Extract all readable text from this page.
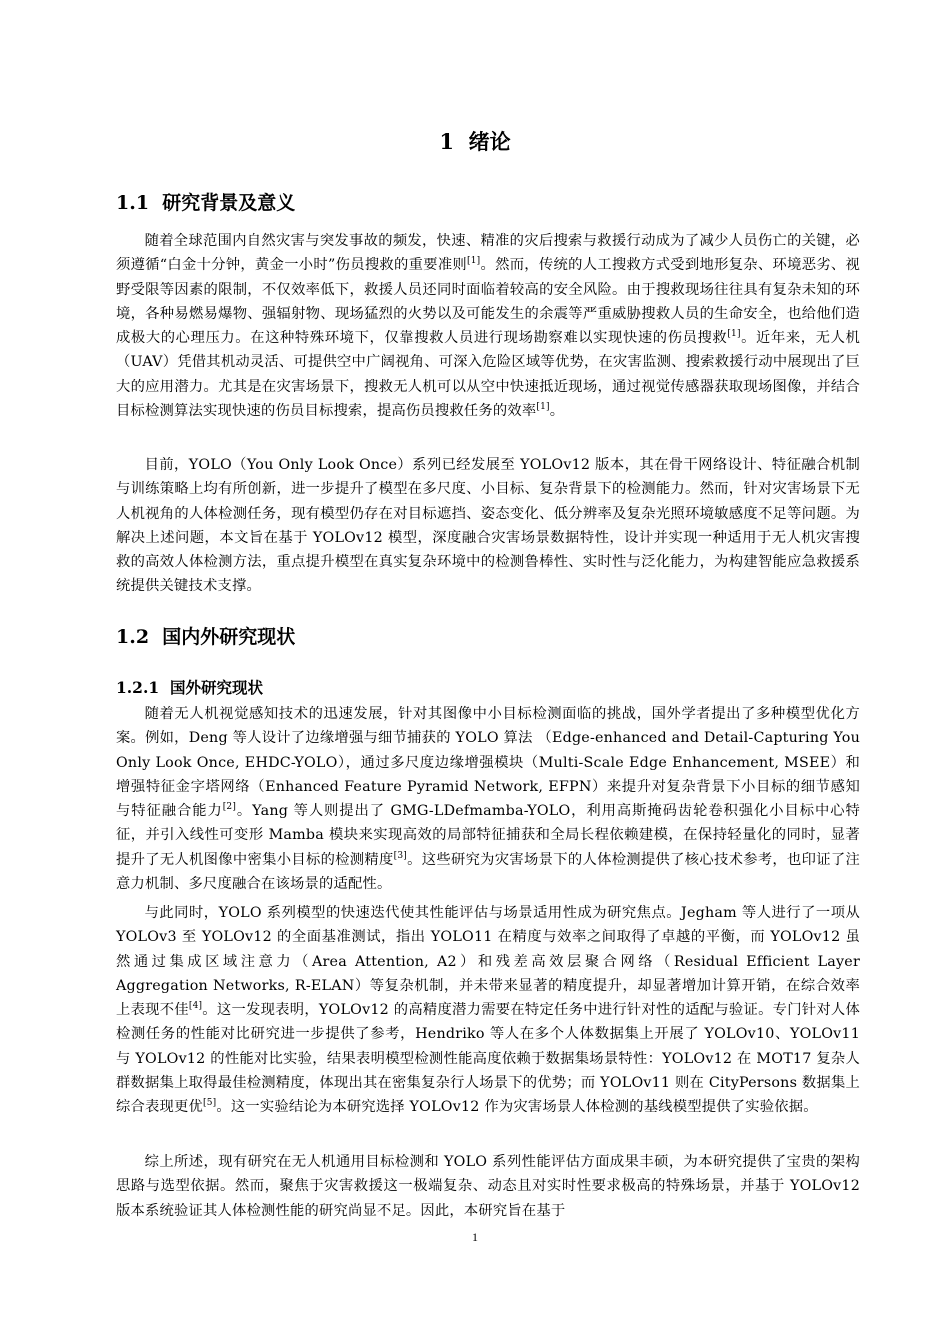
1  绪论
1.1  研究背景及意义
随着全球范围内自然灾害与突发事故的频发，快速、精准的灾后搜索与救援行动成为了减少人员伤亡的关键，必须遵循“白金十分钟，黄金一小时”伤员搜救的重要准则[1]。然而，传统的人工搜救方式受到地形复杂、环境恶劣、视野受限等因素的限制，不仅效率低下，救援人员还同时面临着较高的安全风险。由于搜救现场往往具有复杂未知的环境，各种易燃易爆物、强辐射物、现场猛烈的火势以及可能发生的余震等严重威胁搜救人员的生命安全，也给他们造成极大的心理压力。在这种特殊环境下，仅靠搜救人员进行现场勘察难以实现快速的伤员搜救[1]。近年来，无人机（UAV）凭借其机动灵活、可提供空中广阔视角、可深入危险区域等优势，在灾害监测、搜索救援行动中展现出了巨大的应用潜力。尤其是在灾害场景下，搜救无人机可以从空中快速抵近现场，通过视觉传感器获取现场图像，并结合目标检测算法实现快速的伤员目标搜索，提高伤员搜救任务的效率[1]。
目前，YOLO（You Only Look Once）系列已经发展至 YOLOv12 版本，其在骨干网络设计、特征融合机制与训练策略上均有所创新，进一步提升了模型在多尺度、小目标、复杂背景下的检测能力。然而，针对灾害场景下无人机视角的人体检测任务，现有模型仍存在对目标遮挡、姿态变化、低分辨率及复杂光照环境敏感度不足等问题。为解决上述问题，本文旨在基于 YOLOv12 模型，深度融合灾害场景数据特性，设计并实现一种适用于无人机灾害搜救的高效人体检测方法，重点提升模型在真实复杂环境中的检测鲁棒性、实时性与泛化能力，为构建智能应急救援系统提供关键技术支撑。
1.2  国内外研究现状
1.2.1  国外研究现状
随着无人机视觉感知技术的迅速发展，针对其图像中小目标检测面临的挑战，国外学者提出了多种模型优化方案。例如，Deng 等人设计了边缘增强与细节捕获的 YOLO 算法 （Edge-enhanced and Detail-Capturing You Only Look Once, EHDC-YOLO），通过多尺度边缘增强模块（Multi-Scale Edge Enhancement, MSEE）和增强特征金字塔网络（Enhanced Feature Pyramid Network, EFPN）来提升对复杂背景下小目标的细节感知与特征融合能力[2]。Yang 等人则提出了 GMG-LDefmamba-YOLO，利用高斯掩码齿轮卷积强化小目标中心特征，并引入线性可变形 Mamba 模块来实现高效的局部特征捕获和全局长程依赖建模，在保持轻量化的同时，显著提升了无人机图像中密集小目标的检测精度[3]。这些研究为灾害场景下的人体检测提供了核心技术参考，也印证了注意力机制、多尺度融合在该场景的适配性。
与此同时，YOLO 系列模型的快速迭代使其性能评估与场景适用性成为研究焦点。Jegham 等人进行了一项从 YOLOv3 至 YOLOv12 的全面基准测试，指出 YOLO11 在精度与效率之间取得了卓越的平衡，而 YOLOv12 虽然通过集成区域注意力（Area Attention, A2）和残差高效层聚合网络（Residual Efficient Layer Aggregation Networks, R-ELAN）等复杂机制，并未带来显著的精度提升，却显著增加计算开销，在综合效率上表现不佳[4]。这一发现表明，YOLOv12 的高精度潜力需要在特定任务中进行针对性的适配与验证。专门针对人体检测任务的性能对比研究进一步提供了参考，Hendriko 等人在多个人体数据集上开展了 YOLOv10、YOLOv11 与 YOLOv12 的性能对比实验，结果表明模型检测性能高度依赖于数据集场景特性：YOLOv12 在 MOT17 复杂人群数据集上取得最佳检测精度，体现出其在密集复杂行人场景下的优势；而 YOLOv11 则在 CityPersons 数据集上综合表现更优[5]。这一实验结论为本研究选择 YOLOv12 作为灾害场景人体检测的基线模型提供了实验依据。
综上所述，现有研究在无人机通用目标检测和 YOLO 系列性能评估方面成果丰硕，为本研究提供了宝贵的架构思路与选型依据。然而，聚焦于灾害救援这一极端复杂、动态且对实时性要求极高的特殊场景，并基于 YOLOv12 版本系统验证其人体检测性能的研究尚显不足。因此，本研究旨在基于
1
